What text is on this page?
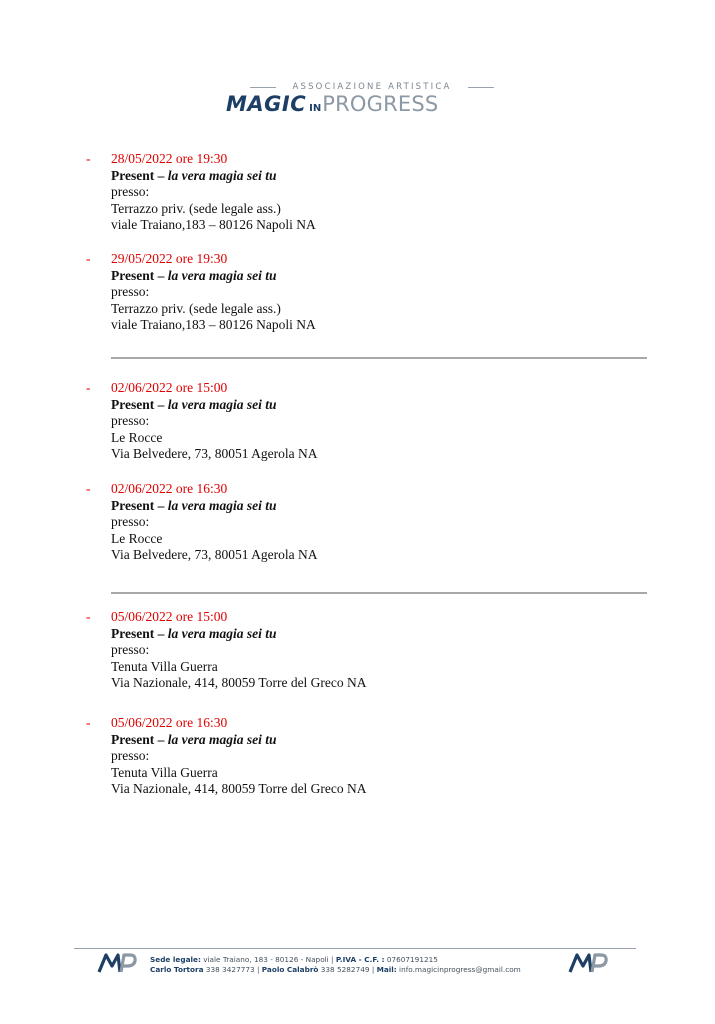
ASSOCIAZIONE ARTISTICA
MAGIC INPROGRESS
- 28/05/2022 ore 19:30
Present – la vera magia sei tu
presso:
Terrazzo priv. (sede legale ass.)
viale Traiano,183 – 80126 Napoli NA
- 29/05/2022 ore 19:30
Present – la vera magia sei tu
presso:
Terrazzo priv. (sede legale ass.)
viale Traiano,183 – 80126 Napoli NA
- 02/06/2022 ore 15:00
Present – la vera magia sei tu
presso:
Le Rocce
Via Belvedere, 73, 80051 Agerola NA
- 02/06/2022 ore 16:30
Present – la vera magia sei tu
presso:
Le Rocce
Via Belvedere, 73, 80051 Agerola NA
- 05/06/2022 ore 15:00
Present – la vera magia sei tu
presso:
Tenuta Villa Guerra
Via Nazionale, 414, 80059 Torre del Greco NA
- 05/06/2022 ore 16:30
Present – la vera magia sei tu
presso:
Tenuta Villa Guerra
Via Nazionale, 414, 80059 Torre del Greco NA
Sede legale: viale Traiano, 183 - 80126 - Napoli | P.IVA - C.F. : 07607191215
Carlo Tortora 338 3427773 | Paolo Calabrò 338 5282749 | Mail: info.magicinprogress@gmail.com
